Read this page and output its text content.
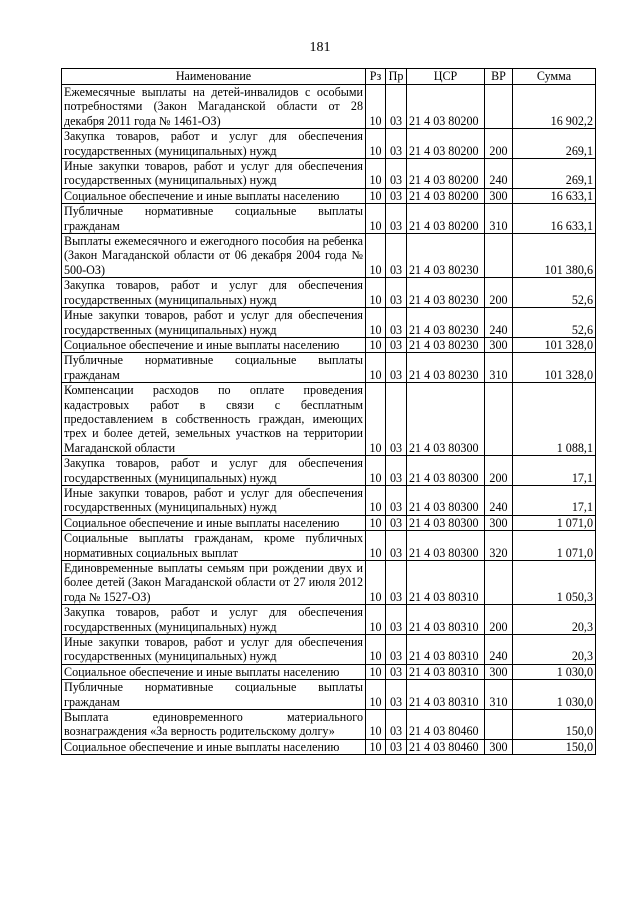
181
Наименование	Рз	Пр	ЦСР	ВР	Сумма
Ежемесячные выплаты на детей-инвалидов с особыми потребностями (Закон Магаданской области от 28 декабря 2011 года № 1461-ОЗ)	10	03	21 4 03 80200		16 902,2
Закупка товаров, работ и услуг для обеспечения государственных (муниципальных) нужд	10	03	21 4 03 80200	200	269,1
Иные закупки товаров, работ и услуг для обеспечения государственных (муниципальных) нужд	10	03	21 4 03 80200	240	269,1
Социальное обеспечение и иные выплаты населению	10	03	21 4 03 80200	300	16 633,1
Публичные нормативные социальные выплаты гражданам	10	03	21 4 03 80200	310	16 633,1
Выплаты ежемесячного и ежегодного пособия на ребенка (Закон Магаданской области от 06 декабря 2004 года № 500-ОЗ)	10	03	21 4 03 80230		101 380,6
Закупка товаров, работ и услуг для обеспечения государственных (муниципальных) нужд	10	03	21 4 03 80230	200	52,6
Иные закупки товаров, работ и услуг для обеспечения государственных (муниципальных) нужд	10	03	21 4 03 80230	240	52,6
Социальное обеспечение и иные выплаты населению	10	03	21 4 03 80230	300	101 328,0
Публичные нормативные социальные выплаты гражданам	10	03	21 4 03 80230	310	101 328,0
Компенсации расходов по оплате проведения кадастровых работ в связи с бесплатным предоставлением в собственность граждан, имеющих трех и более детей, земельных участков на территории Магаданской области	10	03	21 4 03 80300		1 088,1
Закупка товаров, работ и услуг для обеспечения государственных (муниципальных) нужд	10	03	21 4 03 80300	200	17,1
Иные закупки товаров, работ и услуг для обеспечения государственных (муниципальных) нужд	10	03	21 4 03 80300	240	17,1
Социальное обеспечение и иные выплаты населению	10	03	21 4 03 80300	300	1 071,0
Социальные выплаты гражданам, кроме публичных нормативных социальных выплат	10	03	21 4 03 80300	320	1 071,0
Единовременные выплаты семьям при рождении двух и более детей (Закон Магаданской области от 27 июля 2012 года № 1527-ОЗ)	10	03	21 4 03 80310		1 050,3
Закупка товаров, работ и услуг для обеспечения государственных (муниципальных) нужд	10	03	21 4 03 80310	200	20,3
Иные закупки товаров, работ и услуг для обеспечения государственных (муниципальных) нужд	10	03	21 4 03 80310	240	20,3
Социальное обеспечение и иные выплаты населению	10	03	21 4 03 80310	300	1 030,0
Публичные нормативные социальные выплаты гражданам	10	03	21 4 03 80310	310	1 030,0
Выплата единовременного материального вознаграждения «За верность родительскому долгу»	10	03	21 4 03 80460		150,0
Социальное обеспечение и иные выплаты населению	10	03	21 4 03 80460	300	150,0
